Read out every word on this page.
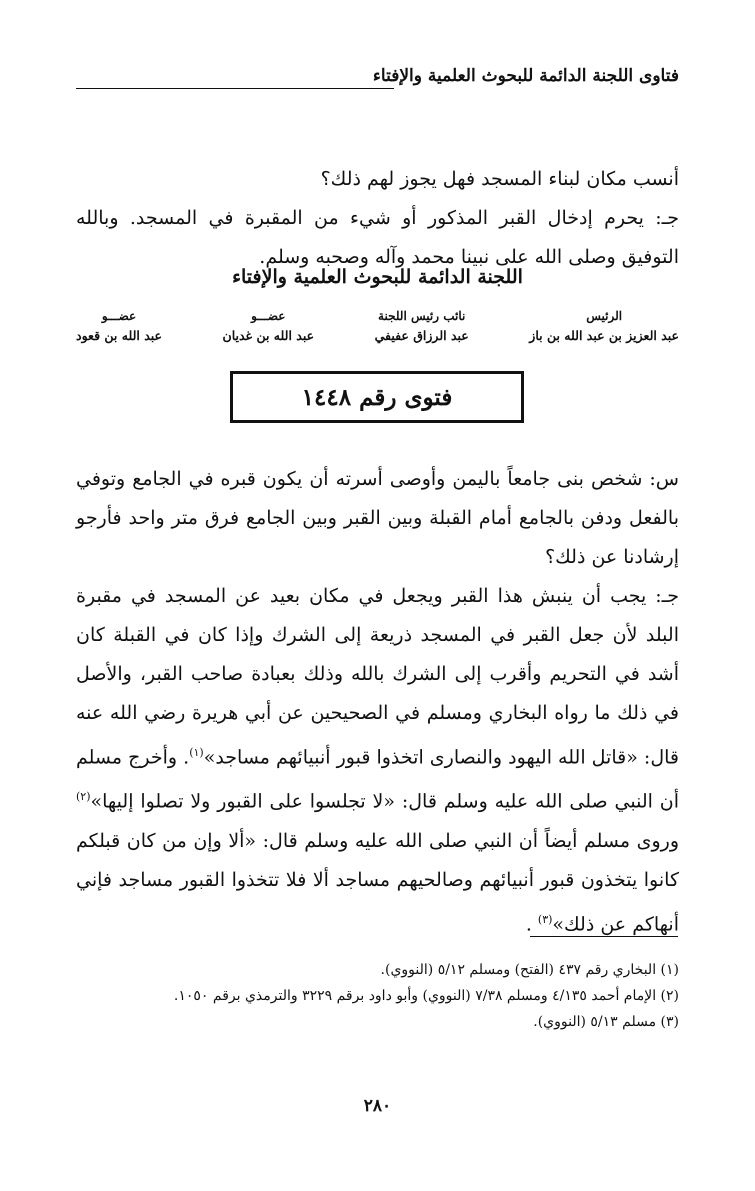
فتاوى اللجنة الدائمة للبحوث العلمية والإفتاء

أنسب مكان لبناء المسجد فهل يجوز لهم ذلك؟

جـ: يحرم إدخال القبر المذكور أو شيء من المقبرة في المسجد. وبالله التوفيق وصلى الله على نبينا محمد وآله وصحبه وسلم.

اللجنة الدائمة للبحوث العلمية والإفتاء
الرئيس
عبد العزيز بن عبد الله بن باز
نائب رئيس اللجنة
عبد الرزاق عفيفي
عضـــو
عبد الله بن غديان
عضـــو
عبد الله بن قعود
فتوى رقم ١٤٤٨

س: شخص بنى جامعاً باليمن وأوصى أسرته أن يكون قبره في الجامع وتوفي بالفعل ودفن بالجامع أمام القبلة وبين القبر وبين الجامع فرق متر واحد فأرجو إرشادنا عن ذلك؟

جـ: يجب أن ينبش هذا القبر ويجعل في مكان بعيد عن المسجد في مقبرة البلد لأن جعل القبر في المسجد ذريعة إلى الشرك وإذا كان في القبلة كان أشد في التحريم وأقرب إلى الشرك بالله وذلك بعبادة صاحب القبر، والأصل في ذلك ما رواه البخاري ومسلم في الصحيحين عن أبي هريرة رضي الله عنه قال: «قاتل الله اليهود والنصارى اتخذوا قبور أنبيائهم مساجد»$^{(١)}$. وأخرج مسلم أن النبي صلى الله عليه وسلم قال: «لا تجلسوا على القبور ولا تصلوا إليها»$^{(٢)}$ وروى مسلم أيضاً أن النبي صلى الله عليه وسلم قال: «ألا وإن من كان قبلكم كانوا يتخذون قبور أنبيائهم وصالحيهم مساجد ألا فلا تتخذوا القبور مساجد فإني أنهاكم عن ذلك»$^{(٣)}$ .

(١) البخاري رقم ٤٣٧ (الفتح) ومسلم ٥/١٢ (النووي).
(٢) الإمام أحمد ٤/١٣٥ ومسلم ٧/٣٨ (النووي) وأبو داود برقم ٣٢٢٩ والترمذي برقم ١٠٥٠.
(٣) مسلم ٥/١٣ (النووي).
٢٨٠
